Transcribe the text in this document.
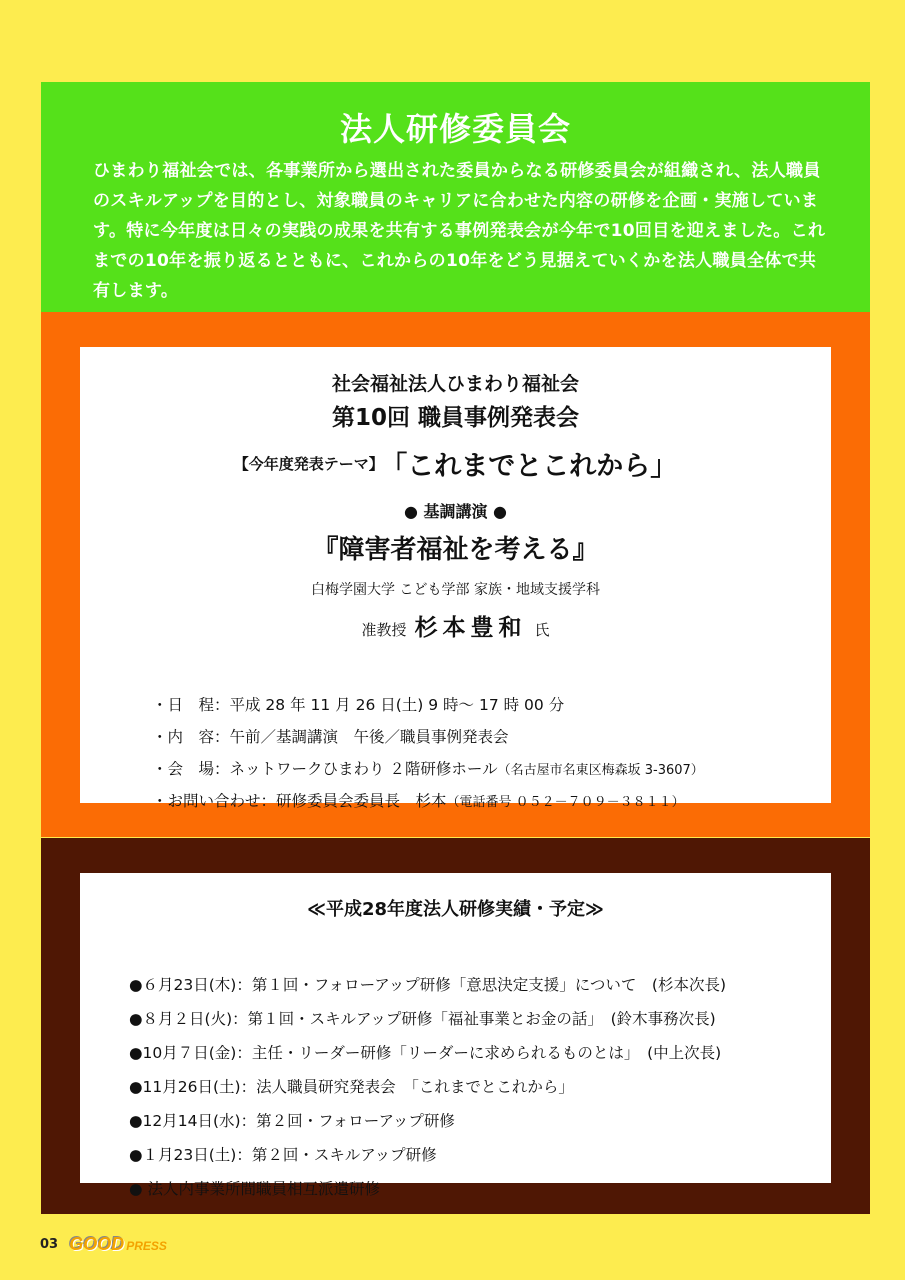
法人研修委員会

ひまわり福祉会では、各事業所から選出された委員からなる研修委員会が組織され、法人職員のスキルアップを目的とし、対象職員のキャリアに合わせた内容の研修を企画・実施しています。特に今年度は日々の実践の成果を共有する事例発表会が今年で10回目を迎えました。これまでの10年を振り返るとともに、これからの10年をどう見据えていくかを法人職員全体で共有します。

社会福祉法人ひまわり福祉会
第10回 職員事例発表会
【今年度発表テーマ】 「これまでとこれから」
● 基調講演 ●
『障害者福祉を考える』
白梅学園大学 こども学部 家族・地域支援学科
准教授 杉本豊和 氏
・日　程：平成 28 年 11 月 26 日(土) 9 時～ 17 時 00 分
・内　容：午前／基調講演　午後／職員事例発表会
・会　場：ネットワークひまわり ２階研修ホール（名古屋市名東区梅森坂 3-3607）
・お問い合わせ：研修委員会委員長　杉本（電話番号 ０５２－７０９－３８１１）
≪平成28年度法人研修実績・予定≫
●６月23日(木)：第１回・フォローアップ研修「意思決定支援」について　(杉本次長)
●８月２日(火)：第１回・スキルアップ研修「福祉事業とお金の話」　(鈴木事務次長)
●10月７日(金)：主任・リーダー研修「リーダーに求められるものとは」　(中上次長)
●11月26日(土)：法人職員研究発表会　「これまでとこれから」
●12月14日(水)：第２回・フォローアップ研修
●１月23日(土)：第２回・スキルアップ研修
● 法人内事業所間職員相互派遣研修
03 GOOD PRESS
